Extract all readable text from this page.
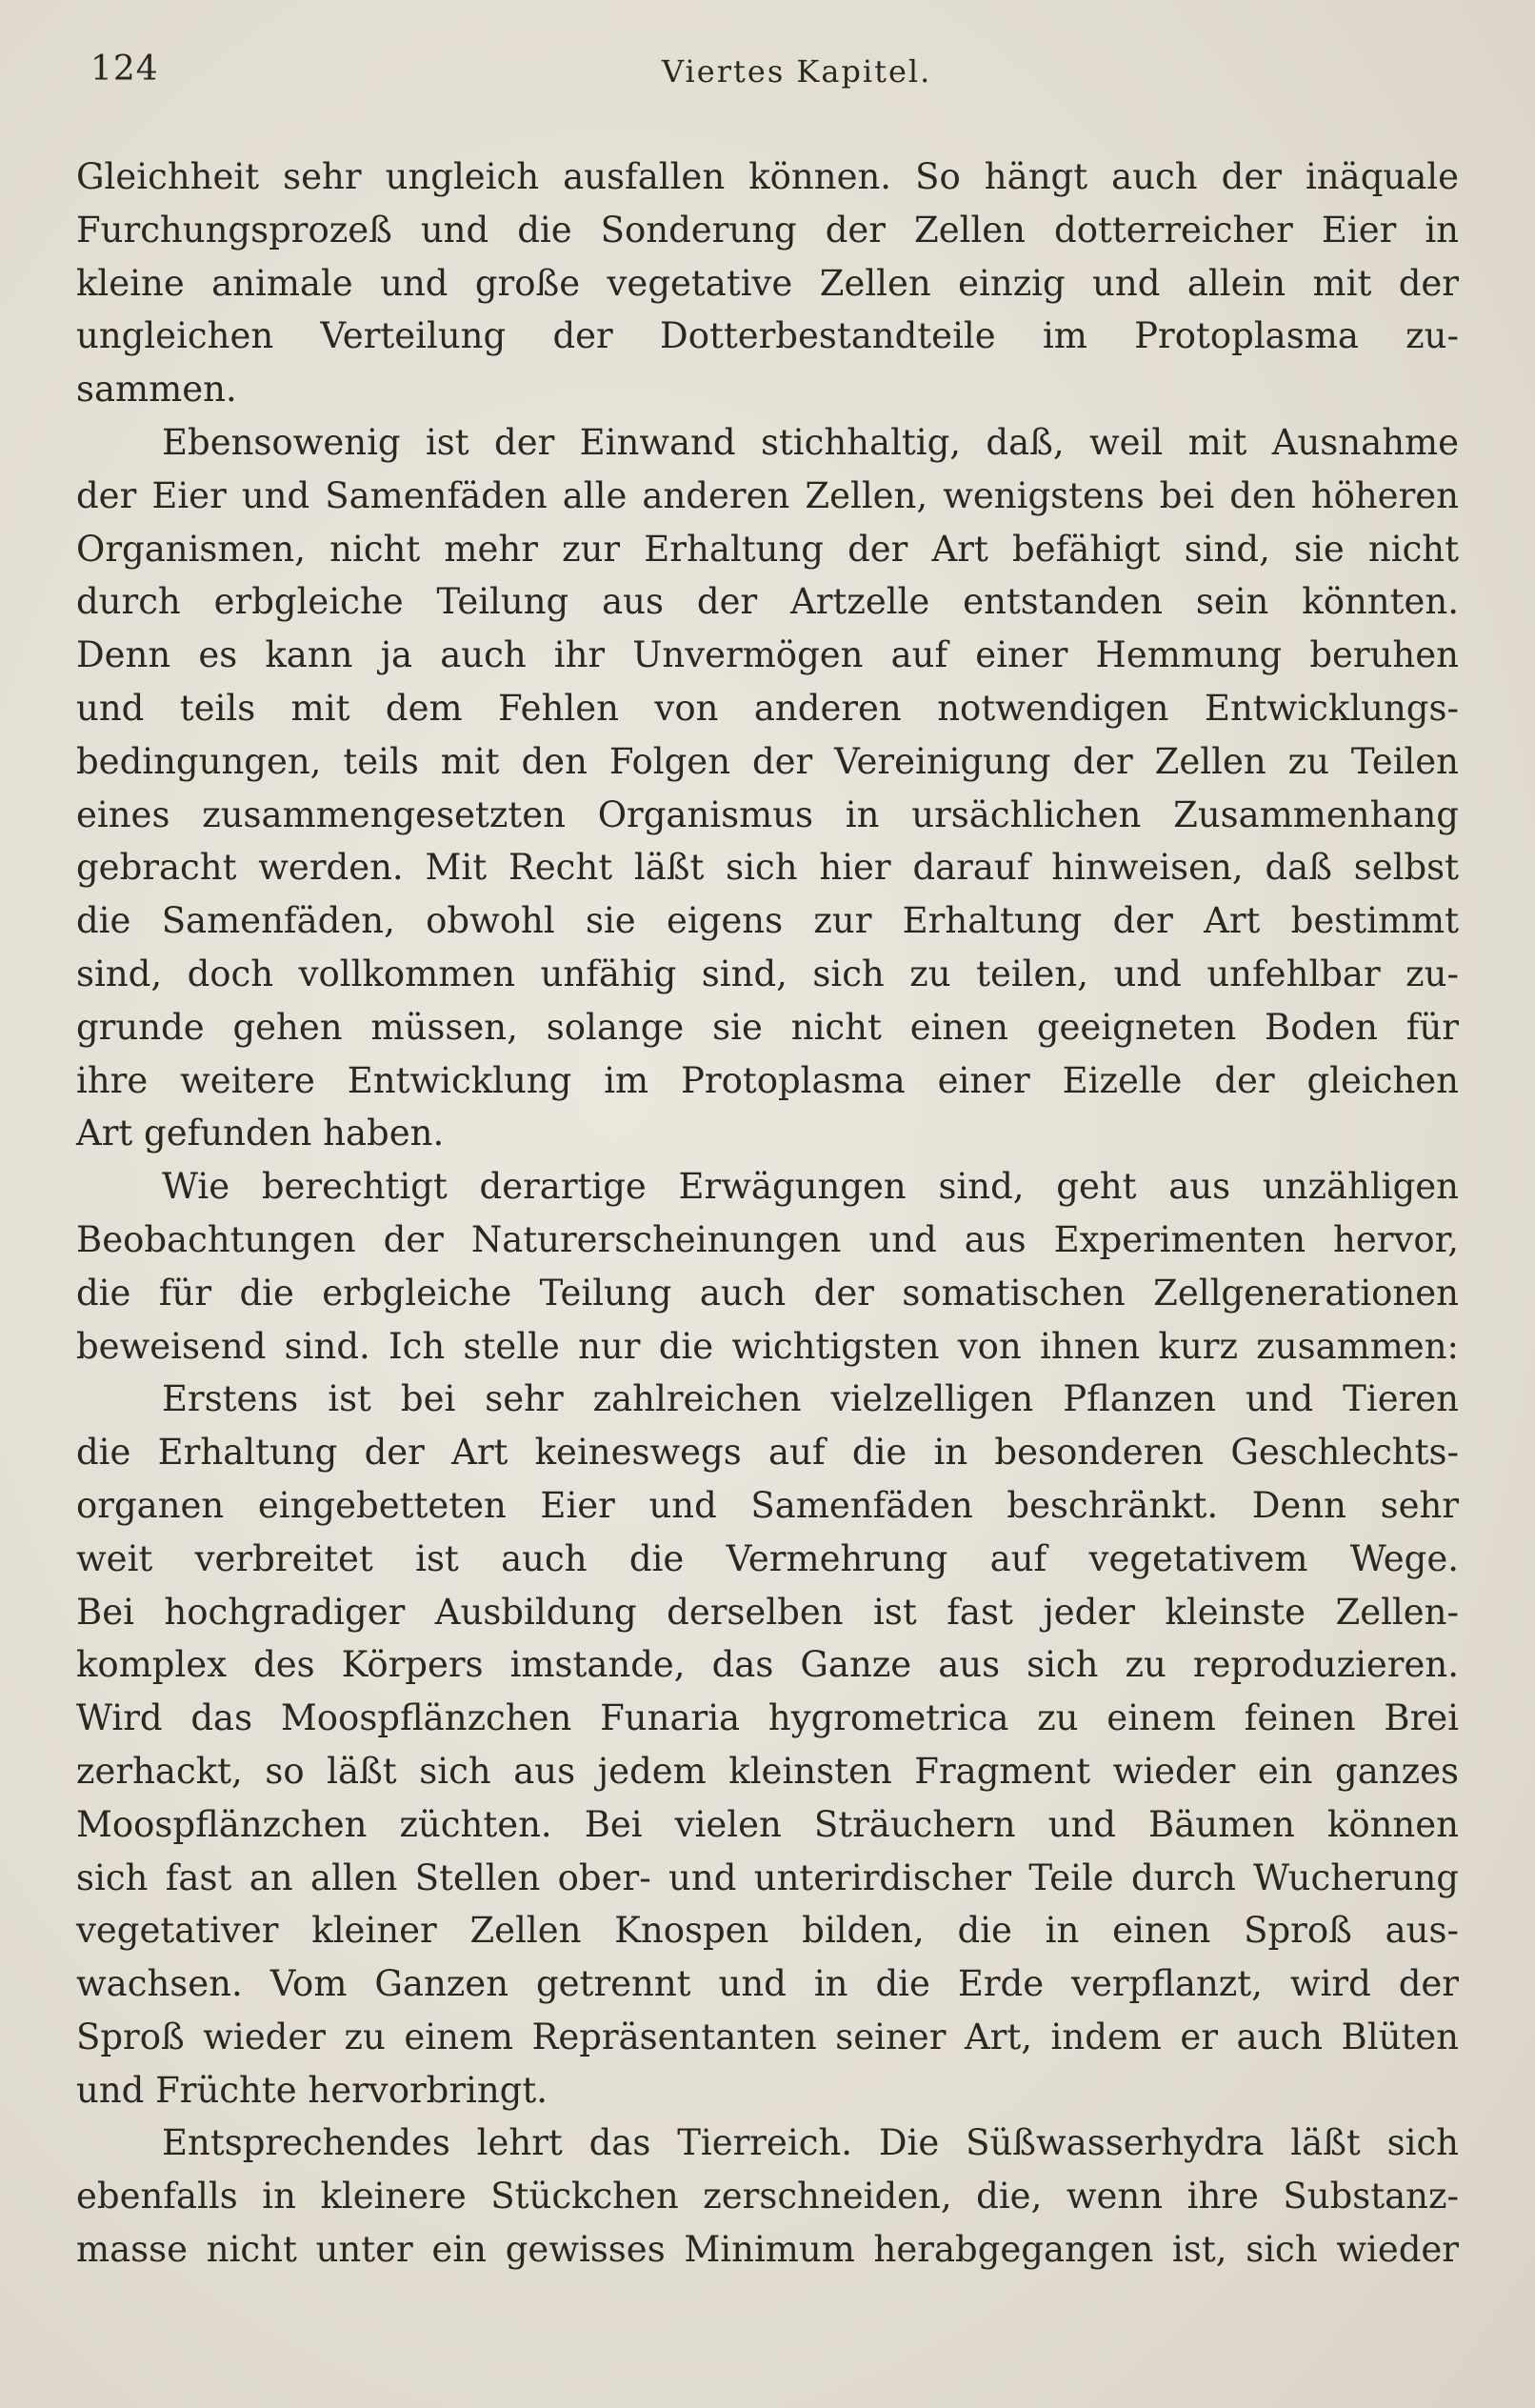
124	Viertes Kapitel.
Gleichheit sehr ungleich ausfallen können. So hängt auch der inäquale
Furchungsprozeß und die Sonderung der Zellen dotterreicher Eier in
kleine animale und große vegetative Zellen einzig und allein mit der
ungleichen Verteilung der Dotterbestandteile im Protoplasma zu-
sammen.
Ebensowenig ist der Einwand stichhaltig, daß, weil mit Ausnahme
der Eier und Samenfäden alle anderen Zellen, wenigstens bei den höheren
Organismen, nicht mehr zur Erhaltung der Art befähigt sind, sie nicht
durch erbgleiche Teilung aus der Artzelle entstanden sein könnten.
Denn es kann ja auch ihr Unvermögen auf einer Hemmung beruhen
und teils mit dem Fehlen von anderen notwendigen Entwicklungs-
bedingungen, teils mit den Folgen der Vereinigung der Zellen zu Teilen
eines zusammengesetzten Organismus in ursächlichen Zusammenhang
gebracht werden. Mit Recht läßt sich hier darauf hinweisen, daß selbst
die Samenfäden, obwohl sie eigens zur Erhaltung der Art bestimmt
sind, doch vollkommen unfähig sind, sich zu teilen, und unfehlbar zu-
grunde gehen müssen, solange sie nicht einen geeigneten Boden für
ihre weitere Entwicklung im Protoplasma einer Eizelle der gleichen
Art gefunden haben.
Wie berechtigt derartige Erwägungen sind, geht aus unzähligen
Beobachtungen der Naturerscheinungen und aus Experimenten hervor,
die für die erbgleiche Teilung auch der somatischen Zellgenerationen
beweisend sind. Ich stelle nur die wichtigsten von ihnen kurz zusammen:
Erstens ist bei sehr zahlreichen vielzelligen Pflanzen und Tieren
die Erhaltung der Art keineswegs auf die in besonderen Geschlechts-
organen eingebetteten Eier und Samenfäden beschränkt. Denn sehr
weit verbreitet ist auch die Vermehrung auf vegetativem Wege.
Bei hochgradiger Ausbildung derselben ist fast jeder kleinste Zellen-
komplex des Körpers imstande, das Ganze aus sich zu reproduzieren.
Wird das Moospflänzchen Funaria hygrometrica zu einem feinen Brei
zerhackt, so läßt sich aus jedem kleinsten Fragment wieder ein ganzes
Moospflänzchen züchten. Bei vielen Sträuchern und Bäumen können
sich fast an allen Stellen ober- und unterirdischer Teile durch Wucherung
vegetativer kleiner Zellen Knospen bilden, die in einen Sproß aus-
wachsen. Vom Ganzen getrennt und in die Erde verpflanzt, wird der
Sproß wieder zu einem Repräsentanten seiner Art, indem er auch Blüten
und Früchte hervorbringt.
Entsprechendes lehrt das Tierreich. Die Süßwasserhydra läßt sich
ebenfalls in kleinere Stückchen zerschneiden, die, wenn ihre Substanz-
masse nicht unter ein gewisses Minimum herabgegangen ist, sich wieder
